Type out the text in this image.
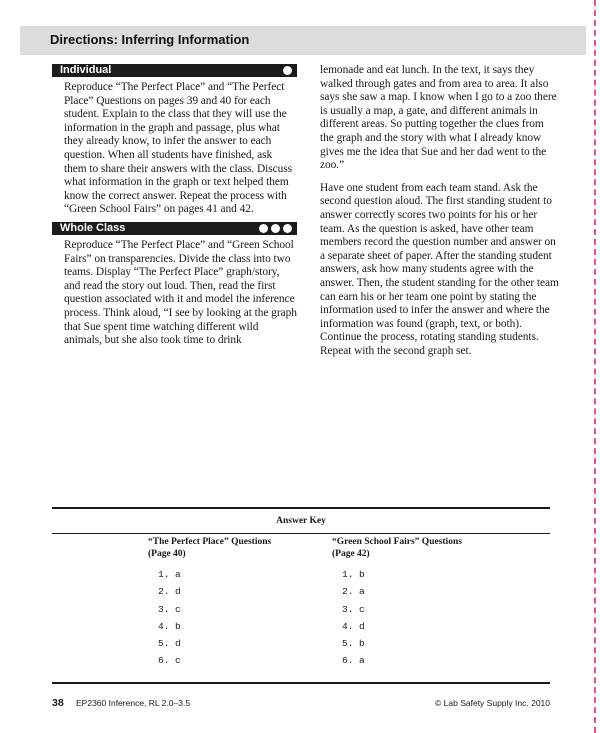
Directions: Inferring Information
Individual

Reproduce “The Perfect Place” and “The Perfect Place” Questions on pages 39 and 40 for each student. Explain to the class that they will use the information in the graph and passage, plus what they already know, to infer the answer to each question. When all students have finished, ask them to share their answers with the class. Discuss what information in the graph or text helped them know the correct answer. Repeat the process with “Green School Fairs” on pages 41 and 42.

Whole Class

Reproduce “The Perfect Place” and “Green School Fairs” on transparencies. Divide the class into two teams. Display “The Perfect Place” graph/story, and read the story out loud. Then, read the first question associated with it and model the inference process. Think aloud, “I see by looking at the graph that Sue spent time watching different wild animals, but she also took time to drink

lemonade and eat lunch. In the text, it says they walked through gates and from area to area. It also says she saw a map. I know when I go to a zoo there is usually a map, a gate, and different animals in different areas. So putting together the clues from the graph and the story with what I already know gives me the idea that Sue and her dad went to the zoo.”

Have one student from each team stand. Ask the second question aloud. The first standing student to answer correctly scores two points for his or her team. As the question is asked, have other team members record the question number and answer on a separate sheet of paper. After the standing student answers, ask how many students agree with the answer. Then, the student standing for the other team can earn his or her team one point by stating the information used to infer the answer and where the information was found (graph, text, or both). Continue the process, rotating standing students. Repeat with the second graph set.

Answer Key
“The Perfect Place” Questions
(Page 40)
1. a
2. d
3. c
4. b
5. d
6. c
“Green School Fairs” Questions
(Page 42)
1. b
2. a
3. c
4. d
5. b
6. a
38 EP2360 Inference, RL 2.0–3.5	© Lab Safety Supply Inc. 2010
